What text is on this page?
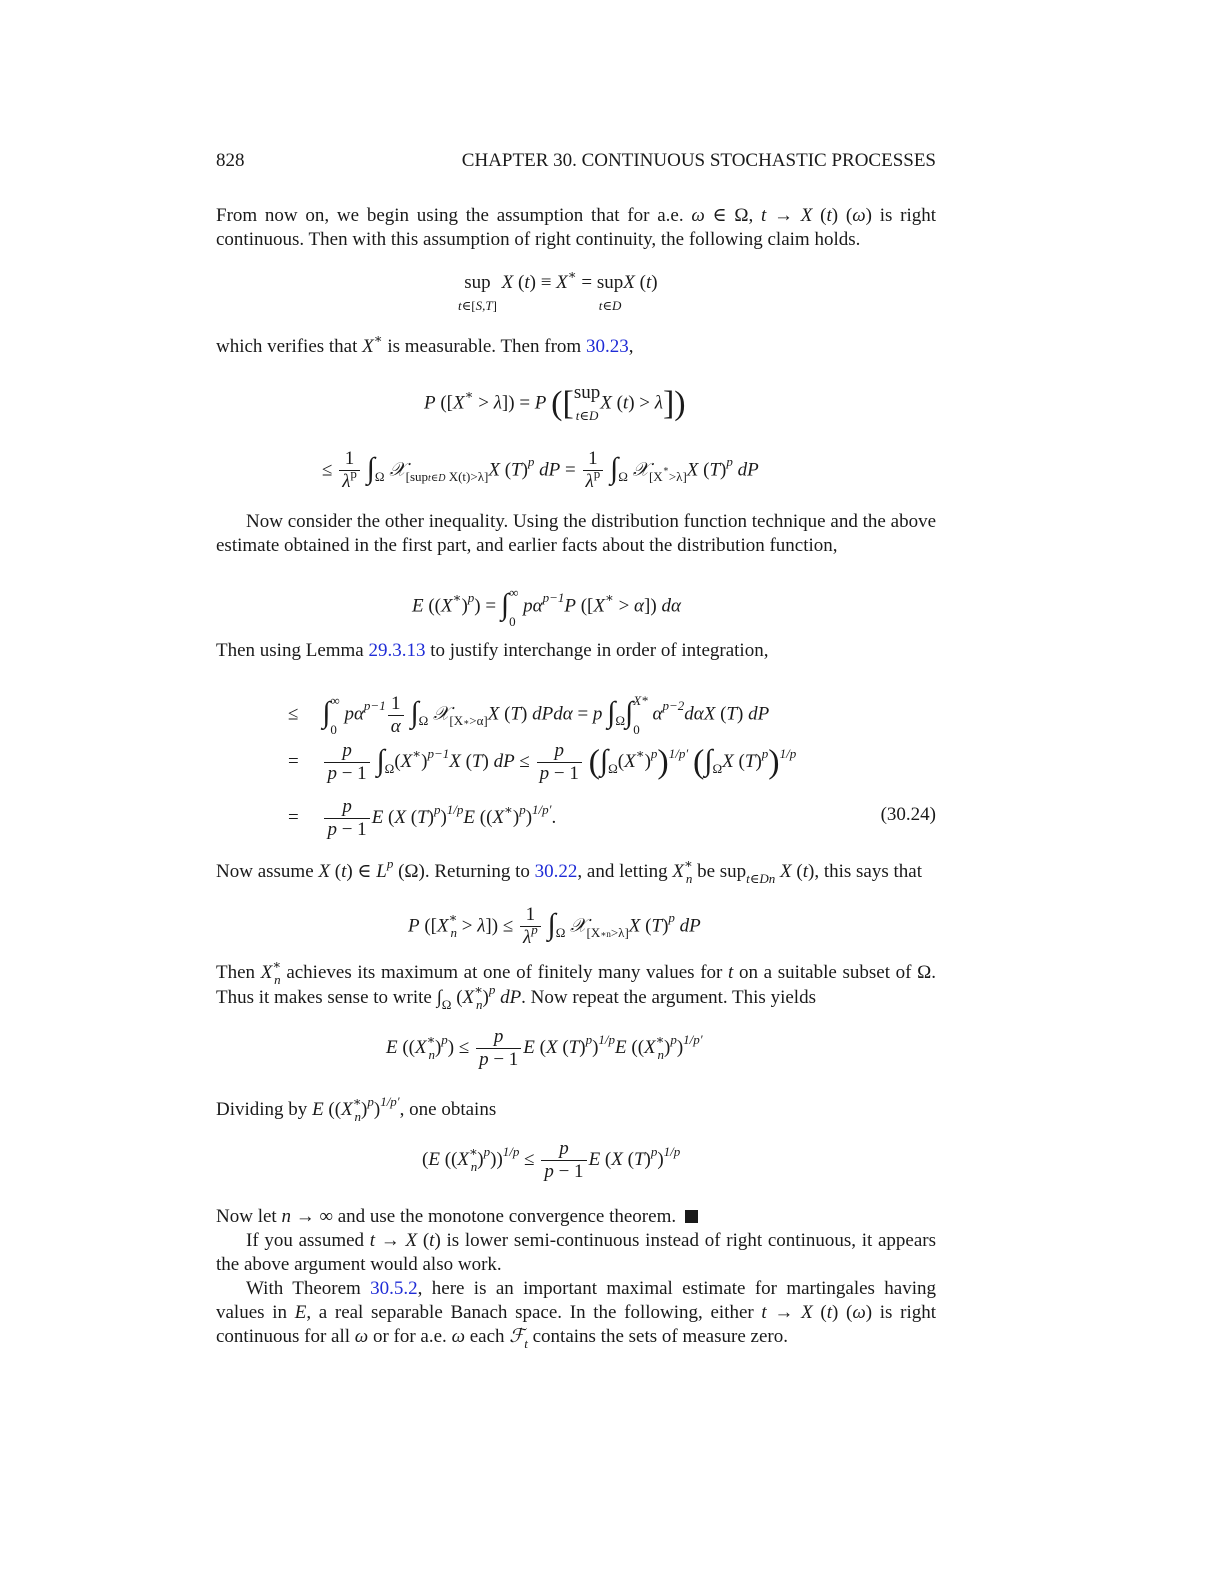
828	CHAPTER 30. CONTINUOUS STOCHASTIC PROCESSES
From now on, we begin using the assumption that for a.e. ω ∈ Ω, t → X (t) (ω) is right continuous. Then with this assumption of right continuity, the following claim holds.
sup
t∈[S,T] X (t) ≡ X∗ = sup
t∈DX (t)
which verifies that X∗ is measurable. Then from 30.23,
P ([X∗ > λ]) = P ([sup
t∈DX (t) > λ])
≤ $\frac{1}{\lambda^p} \int_\Omega$ 𝒳$_{[supt\in D X(t)>\lambda]}$X $(T)^p$ dP = $\frac{1}{\lambda^p} \int_\Omega$ 𝒳$_{[X^∗>\lambda]}$X $(T)^p$ dP
Now consider the other inequality. Using the distribution function technique and the above estimate obtained in the first part, and earlier facts about the distribution function,
E $((X^∗)^p)$ = ∫∞
0 $p\alpha^{p-1}P$ ([X∗ > α]) dα
Then using Lemma 29.3.13 to justify interchange in order of integration,
≤     ∫∞
0 $p\alpha^{p-1} \frac{1}{\alpha} \int_\Omega$ 𝒳$_{[X∗>\alpha]}$X (T) dPdα = p $\int_\Omega\int X*$
0 $\alpha^{p-2}d\alpha X$ (T) dP
= $\frac{p}{p - 1} \int_\Omega(X^∗)^{p-1}X$ (T) dP ≤ $\frac{p}{p - 1} (\int_\Omega(X^∗)^p)^{1/p'}$ ($\int_\Omega X$ $(T)^p)^{1/p}$
= $\frac{p}{p - 1}$ E (X $(T)^p)^{1/p}E$ $((X^∗)^p)^{1/p'}$.	(30.24)
Now assume X (t) ∈ $L^p$ (Ω). Returning to 30.22, and letting $X^∗_n$ be sup$_{t\in Dn}$ X (t), this says that
P $([X^∗_n > \lambda]) \le \frac{1}{\lambda^p} \int_\Omega$ 𝒳$_{[X∗n>\lambda]}$X $(T)^p$ dP
Then $X^∗_n$ achieves its maximum at one of finitely many values for t on a suitable subset of Ω. Thus it makes sense to write $\int_\Omega$ $(X^∗_n)^p$ dP. Now repeat the argument. This yields
E $((X^∗_n)^p) \le \frac{p}{p - 1}$ E (X $(T)^p)^{1/p}E$ $((X^∗_n)^p)^{1/p'}$
Dividing by E $((X^∗_n)^p)^{1/p'}$, one obtains
(E $((X^∗_n)^p))^{1/p} \le \frac{p}{p - 1}$ E (X $(T)^p)^{1/p}$
Now let n → ∞ and use the monotone convergence theorem.
If you assumed t → X (t) is lower semi-continuous instead of right continuous, it appears the above argument would also work.
With Theorem 30.5.2, here is an important maximal estimate for martingales having values in E, a real separable Banach space. In the following, either t → X (t) (ω) is right continuous for all ω or for a.e. ω each ℱ$_t$ contains the sets of measure zero.
